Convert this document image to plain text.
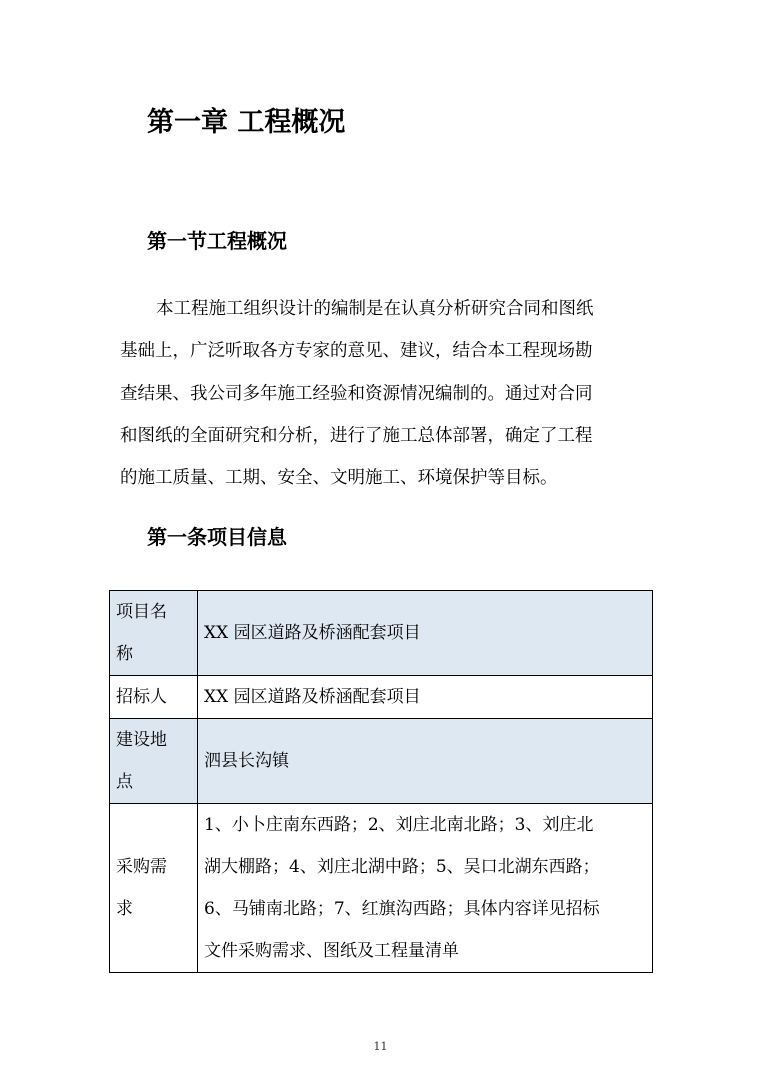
第一章 工程概况
第一节工程概况
本工程施工组织设计的编制是在认真分析研究合同和图纸
基础上，广泛听取各方专家的意见、建议，结合本工程现场勘
查结果、我公司多年施工经验和资源情况编制的。通过对合同
和图纸的全面研究和分析，进行了施工总体部署，确定了工程
的施工质量、工期、安全、文明施工、环境保护等目标。
第一条项目信息
项目名
称	XX 园区道路及桥涵配套项目

招标人	XX 园区道路及桥涵配套项目

建设地
点	泗县长沟镇

采购需
求	1、小卜庄南东西路；2、刘庄北南北路；3、刘庄北
湖大棚路；4、刘庄北湖中路；5、吴口北湖东西路；
6、马铺南北路；7、红旗沟西路；具体内容详见招标
文件采购需求、图纸及工程量清单
11
